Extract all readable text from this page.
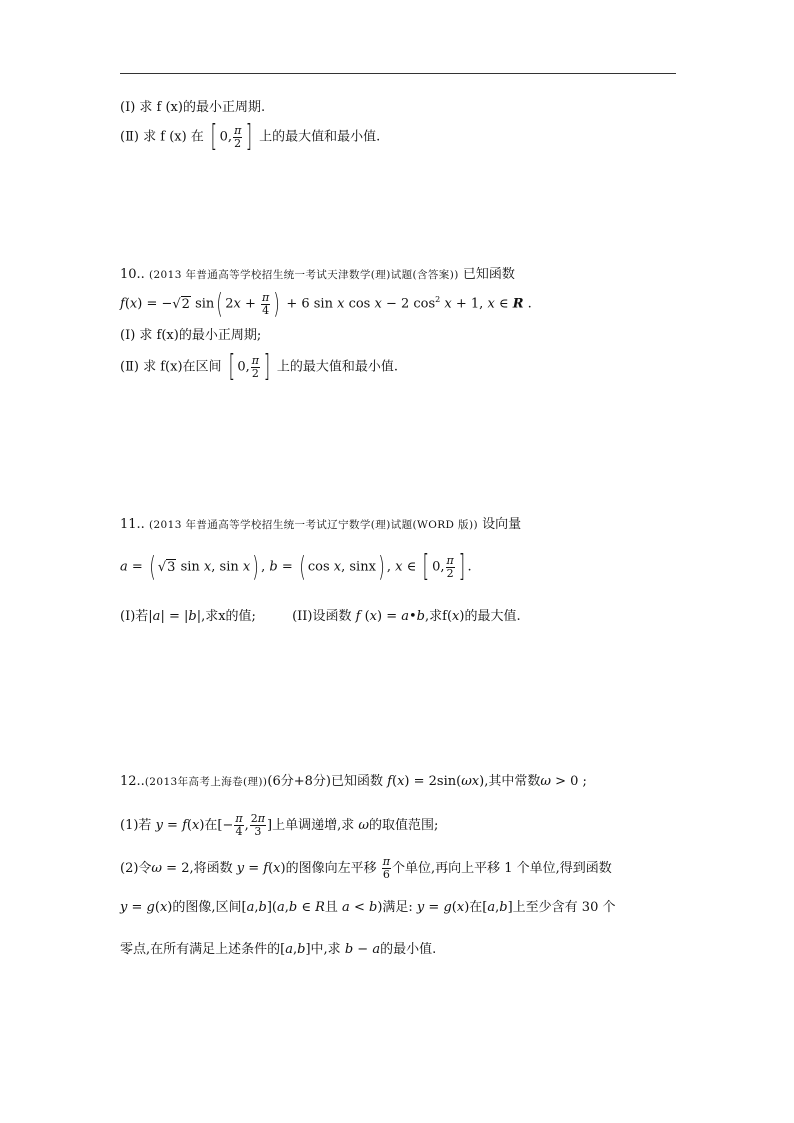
(Ⅰ) 求 f (x)的最小正周期.
(Ⅱ) 求 f (x) 在 [ 0, $\frac{\pi}{2}$ ] 上的最大值和最小值.
10.. (2013 年普通高等学校招生统一考试天津数学(理)试题(含答案)) 已知函数
f(x) = −√2 sin( $2x + \frac{\pi}{4}$ ) + 6 sin x cos x − 2 $\cos^2 x + 1$, x ∈ R .
(Ⅰ) 求 f(x)的最小正周期;
(Ⅱ) 求 f(x)在区间 [ 0, $\frac{\pi}{2}$ ] 上的最大值和最小值.
11.. (2013 年普通高等学校招生统一考试辽宁数学(理)试题(WORD 版)) 设向量
a = ( √3 sin x, sin x) , b = ( cos x, sinx) , x ∈ [ 0, $\frac{\pi}{2}$ ] .
(I)若|a| = |b|,求x的值;	(II)设函数 f (x) = a•b,求f(x)的最大值.
12..(2013年高考上海卷(理))(6分+8分)已知函数 f(x) = 2sin(ωx),其中常数ω > 0 ;
(1)若 y = f(x)在[− $\frac{\pi}{4}$ , $\frac{2\pi}{3}$ ]上单调递增,求 ω的取值范围;
(2)令ω = 2,将函数 y = f(x)的图像向左平移 $\frac{\pi}{6}$ 个单位,再向上平移 1 个单位,得到函数
y = g(x)的图像,区间[a,b](a,b ∈ R且 a < b)满足: y = g(x)在[a,b]上至少含有 30 个
零点,在所有满足上述条件的[a,b]中,求 b − a的最小值.
